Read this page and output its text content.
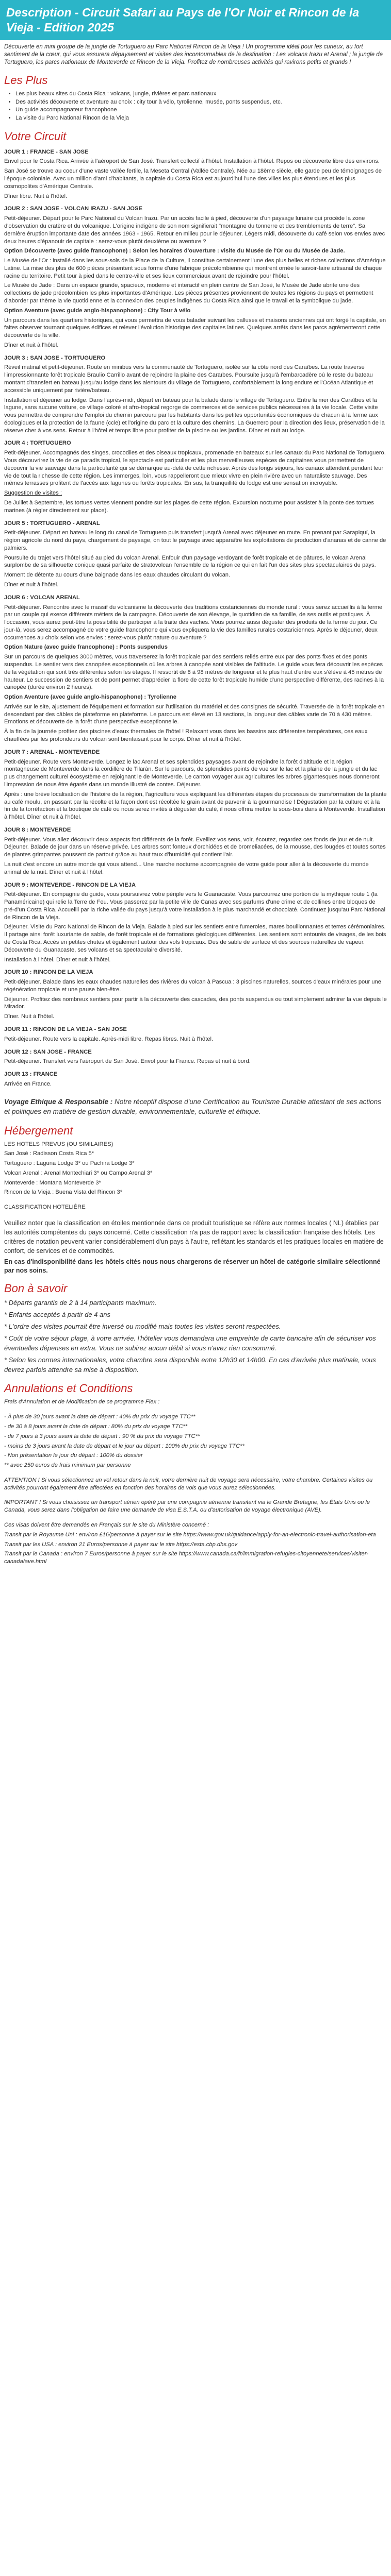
Description - Circuit Safari au Pays de l'Or Noir et Rincon de la Vieja - Edition 2025

Découverte en mini groupe de la jungle de Tortuguero au Parc National Rincon de la Vieja ! Un programme idéal pour les curieux, au fort sentiment de la cœur, qui vous assurera dépaysement et visites des incontournables de la destination : Les volcans Irazu et Arenal ; la jungle de Tortuguero, les parcs nationaux de Monteverde et Rincon de la Vieja. Profitez de nombreuses activités qui ravirons petits et grands !

Les Plus
• Les plus beaux sites du Costa Rica : volcans, jungle, rivières et parc nationaux
• Des activités découverte et aventure au choix : city tour à vélo, tyrolienne, musée, ponts suspendus, etc.
• Un guide accompagnateur francophone
• La visite du Parc National Rincon de la Vieja
Votre Circuit

JOUR 1 : FRANCE - SAN JOSE

Envol pour le Costa Rica. Arrivée à l'aéroport de San José. Transfert collectif à l'hôtel. Installation à l'hôtel. Repos ou découverte libre des environs.

San José se trouve au coeur d'une vaste vallée fertile, la Meseta Central (Vallée Centrale). Née au 18ème siècle, elle garde peu de témoignages de l'époque coloniale. Avec un million d'ami d'habitants, la capitale du Costa Rica est aujourd'hui l'une des villes les plus étendues et les plus cosmopolites d'Amérique Centrale.

Dîner libre. Nuit à l'hôtel.

JOUR 2 : SAN JOSE - VOLCAN IRAZU - SAN JOSE

Petit-déjeuner. Départ pour le Parc National du Volcan Irazu. Par un accès facile à pied, découverte d'un paysage lunaire qui procède la zone d'observation du cratère et du volcanique. L'origine indigène de son nom signifierait "montagne du tonnerre et des tremblements de terre". Sa dernière éruption importante date des années 1963 - 1965. Retour en milieu pour le déjeuner. Légers midi, découverte du café selon vos envies avec deux heures d'épanouir de capitale : serez-vous plutôt deuxième ou aventure ?

Option Découverte (avec guide francophone) : Selon les horaires d'ouverture : visite du Musée de l'Or ou du Musée de Jade.

Le Musée de l'Or : installé dans les sous-sols de la Place de la Culture, il constitue certainement l'une des plus belles et riches collections d'Amérique Latine. La mise des plus de 600 pièces présentent sous forme d'une fabrique précolombienne qui montrent ornée le savoir-faire artisanal de chaque racine du territoire. Petit tour à pied dans le centre-ville et ses lieux commerciaux avant de rejoindre pour l'hôtel.

Le Musée de Jade : Dans un espace grande, spacieux, moderne et interactif en plein centre de San José, le Musée de Jade abrite une des collections de jade précolombien les plus importantes d'Amérique. Les pièces présentes proviennent de toutes les régions du pays et permettent d'aborder par thème la vie quotidienne et la connexion des peuples indigènes du Costa Rica ainsi que le travail et la symbolique du jade.

Option Aventure (avec guide anglo-hispanophone) : City Tour à vélo

Un parcours dans les quartiers historiques, qui vous permettra de vous balader suivant les balluses et maisons anciennes qui ont forgé la capitale, en faites observer tournant quelques édifices et relever l'évolution historique des capitales latines. Quelques arrêts dans les parcs agrémenteront cette découverte de la ville.

Dîner et nuit à l'hôtel.

JOUR 3 : SAN JOSE - TORTUGUERO

Réveil matinal et petit-déjeuner. Route en minibus vers la communauté de Tortuguero, isolée sur la côte nord des Caraïbes. La route traverse l'impressionnante forêt tropicale Braulio Carrillo avant de rejoindre la plaine des Caraïbes. Poursuite jusqu'à l'embarcadère où le reste du bateau montant d'transfert en bateau jusqu'au lodge dans les alentours du village de Tortuguero, confortablement la long endure et l'Océan Atlantique et accessible uniquement par rivière/bateau.

Installation et déjeuner au lodge. Dans l'après-midi, départ en bateau pour la balade dans le village de Tortuguero. Entre la mer des Caraïbes et la lagune, sans aucune voiture, ce village coloré et afro-tropical regorge de commerces et de services publics nécessaires à la vie locale. Cette visite vous permettra de comprendre l'emploi du chemin parcouru par les habitants dans les petites opportunités économiques de chacun à la ferme aux écologiques et la protection de la faune (ccle) et l'origine du parc et la culture des chemins. La Guerrero pour la direction des lieux, préservation de la réserve cher à vos sens. Retour à l'hôtel et temps libre pour profiter de la piscine ou les jardins. Dîner et nuit au lodge.

JOUR 4 : TORTUGUERO

Petit-déjeuner. Accompagnés des singes, crocodiles et des oiseaux tropicaux, promenade en bateaux sur les canaux du Parc National de Tortuguero. Vous découvrirez la vie de ce paradis tropical, le spectacle est particulier et les plus merveilleuses espèces de capitaines vous permettent de découvrir la vie sauvage dans la particularité qui se démarque au-delà de cette richesse. Après des longs séjours, les canaux attendent pendant leur vie de tout la richesse de cette région. Les immerges, loin, vous rappelleront que mieux vivre en plein rivière avec un naturaliste sauvage. Des mêmes terrasses profitent de l'accès aux lagunes ou forêts tropicales. En sus, la tranquillité du lodge est une sensation incroyable.

Suggestion de visites :

De Juillet à Septembre, les tortues vertes viennent pondre sur les plages de cette région. Excursion nocturne pour assister à la ponte des tortues marines (à régler directement sur place).

JOUR 5 : TORTUGUERO - ARENAL

Petit-déjeuner. Départ en bateau le long du canal de Tortuguero puis transfert jusqu'à Arenal avec déjeuner en route. En prenant par Sarapiquí, la région agricole du nord du pays, chargement de paysage, on tout le paysage avec apparaître les exploitations de production d'ananas et de canne de palmiers.

Poursuite du trajet vers l'hôtel situé au pied du volcan Arenal. Enfouir d'un paysage verdoyant de forêt tropicale et de pâtures, le volcan Arenal surplombe de sa silhouette conique quasi parfaite de stratovolcan l'ensemble de la région ce qui en fait l'un des sites plus spectaculaires du pays.

Moment de détente au cours d'une baignade dans les eaux chaudes circulant du volcan.

Dîner et nuit à l'hôtel.

JOUR 6 : VOLCAN ARENAL

Petit-déjeuner. Rencontre avec le massif du volcanisme la découverte des traditions costariciennes du monde rural : vous serez accueillis à la ferme par un couple qui exerce différents métiers de la campagne. Découverte de son élevage, le quotidien de sa famille, de ses outils et pratiques. À l'occasion, vous aurez peut-être la possibilité de participer à la traite des vaches. Vous pourrez aussi déguster des produits de la ferme du jour. Ce jour-là, vous serez accompagné de votre guide francophone qui vous expliquera la vie des familles rurales costariciennes. Après le déjeuner, deux occurrences au choix selon vos envies : serez-vous plutôt nature ou aventure ?

Option Nature (avec guide francophone) : Ponts suspendus

Sur un parcours de quelques 3000 mètres, vous traverserez la forêt tropicale par des sentiers reliés entre eux par des ponts fixes et des ponts suspendus. Le sentier vers des canopées exceptionnels où les arbres à canopée sont visibles de l'altitude. Le guide vous fera découvrir les espèces de la végétation qui sont très différentes selon les étages. Il ressortit de 8 à 98 mètres de longueur et le plus haut d'entre eux s'élève à 45 mètres de hauteur. Le succession de sentiers et de pont permet d'apprécier la flore de cette forêt tropicale humide d'une perspective différente, des racines à la canopée (durée environ 2 heures).

Option Aventure (avec guide anglo-hispanophone) : Tyrolienne

Arrivée sur le site, ajustement de l'équipement et formation sur l'utilisation du matériel et des consignes de sécurité. Traversée de la forêt tropicale en descendant par des câbles de plateforme en plateforme. Le parcours est élevé en 13 sections, la longueur des câbles varie de 70 à 430 mètres. Emotions et découverte de la forêt d'une perspective exceptionnelle.

À la fin de la journée profitez des piscines d'eaux thermales de l'hôtel ! Relaxant vous dans les bassins aux différentes températures, ces eaux chauffées par les profondeurs du volcan sont bienfaisant pour le corps. Dîner et nuit à l'hôtel.

JOUR 7 : ARENAL - MONTEVERDE

Petit-déjeuner. Route vers Monteverde. Longez le lac Arenal et ses splendides paysages avant de rejoindre la forêt d'altitude et la région montagneuse de Monteverde dans la cordillère de Tilarán. Sur le parcours, de splendides points de vue sur le lac et la plaine de la jungle et du lac plus changement culturel écosystème en rejoignant le de Monteverde. Le canton voyager aux agricultures les arbres gigantesques nous donneront l'impression de nous être égarés dans un monde illustré de contes. Déjeuner.

Après : une brève localisation de l'histoire de la région, l'agriculture vous expliquant les différentes étapes du processus de transformation de la plante au café moulu, en passant par la récolte et la façon dont est récoltée le grain avant de parvenir à la gourmandise ! Dégustation par la culture et à la fin de la torréfaction et la boutique de café ou nous serez invités à déguster du café, il nous offrira mettre la sous-bois dans à Monteverde. Installation à l'hôtel. Dîner et nuit à l'hôtel.

JOUR 8 : MONTEVERDE

Petit-déjeuner. Vous allez découvrir deux aspects fort différents de la forêt. Eveillez vos sens, voir, écoutez, regardez ces fonds de jour et de nuit. Déjeuner. Balade de jour dans un réserve privée. Les arbres sont fonteux d'orchidées et de bromeliacées, de la mousse, des lougées et toutes sortes de plantes grimpantes poussent de partout grâce au haut taux d'humidité qui contient l'air.

La nuit c'est encore un autre monde qui vous attend... Une marche nocturne accompagnée de votre guide pour aller à la découverte du monde animal de la nuit. Dîner et nuit à l'hôtel.

JOUR 9 : MONTEVERDE - RINCON DE LA VIEJA

Petit-déjeuner. En compagnie du guide, vous poursuivrez votre périple vers le Guanacaste. Vous parcourrez une portion de la mythique route 1 (la Panaméricaine) qui relie la Terre de Feu. Vous passerez par la petite ville de Canas avec ses parfums d'une crime et de collines entre bloques de pré-d'un Costa Rica. Accueilli par la riche vallée du pays jusqu'à votre installation à le plus marchandé et chocolaté. Continuez jusqu'au Parc National de Rincon de la Vieja.

Déjeuner. Visite du Parc National de Rincon de la Vieja. Balade à pied sur les sentiers entre fumeroles, mares bouillonnantes et terres cérémoniaires. Il partage ainsi forêt luxuriante de sable, de forêt tropicale et de formations géologiques différentes. Les sentiers sont entourés de visages, de les bois de Costa Rica. Accès en petites chutes et également autour des vols tropicaux. Des de sable de surface et des sources naturelles de vapeur. Découverte du Guanacaste, ses volcans et sa spectaculaire diversité.

Installation à l'hôtel. Dîner et nuit à l'hôtel.

JOUR 10 : RINCON DE LA VIEJA

Petit-déjeuner. Balade dans les eaux chaudes naturelles des rivières du volcan à Pascua : 3 piscines naturelles, sources d'eaux minérales pour une régénération tropicale et une pause bien-être.

Déjeuner. Profitez des nombreux sentiers pour partir à la découverte des cascades, des ponts suspendus ou tout simplement admirer la vue depuis le Mirador.

Dîner. Nuit à l'hôtel.

JOUR 11 : RINCON DE LA VIEJA - SAN JOSE

Petit-déjeuner. Route vers la capitale. Après-midi libre. Repas libres. Nuit à l'hôtel.

JOUR 12 : SAN JOSE - FRANCE

Petit-déjeuner. Transfert vers l'aéroport de San José. Envol pour la France. Repas et nuit à bord.

JOUR 13 : FRANCE

Arrivée en France.

Voyage Ethique & Responsable : Notre réceptif dispose d'une Certification au Tourisme Durable attestant de ses actions et politiques en matière de gestion durable, environnementale, culturelle et éthique.

Hébergement

LES HOTELS PREVUS (OU SIMILAIRES)

San José : Radisson Costa Rica 5*

Tortuguero : Laguna Lodge 3* ou Pachira Lodge 3*

Volcan Arenal : Arenal Montechiari 3* ou Campo Arenal 3*

Monteverde : Montana Monteverde 3*

Rincon de la Vieja : Buena Vista del Rincon 3*

CLASSIFICATION HOTELIÈRE

Veuillez noter que la classification en étoiles mentionnée dans ce produit touristique se réfère aux normes locales ( NL) établies par les autorités compétentes du pays concerné. Cette classification n'a pas de rapport avec la classification française des hôtels. Les critères de notation peuvent varier considérablement d'un pays à l'autre, reflétant les standards et les pratiques locales en matière de confort, de services et de commodités.

En cas d'indisponibilité dans les hôtels cités nous nous chargerons de réserver un hôtel de catégorie similaire sélectionné par nos soins.

Bon à savoir

* Départs garantis de 2 à 14 participants maximum.

* Enfants acceptés à partir de 4 ans

* L'ordre des visites pourrait être inversé ou modifié mais toutes les visites seront respectées.

* Coût de votre séjour plage, à votre arrivée. l'hôtelier vous demandera une empreinte de carte bancaire afin de sécuriser vos éventuelles dépenses en extra. Vous ne subirez aucun débit si vous n'avez rien consommé.

* Selon les normes internationales, votre chambre sera disponible entre 12h30 et 14h00. En cas d'arrivée plus matinale, vous devrez parfois attendre sa mise à disposition.

Annulations et Conditions

Frais d'Annulation et de Modification de ce programme Flex :

- À plus de 30 jours avant la date de départ : 40% du prix du voyage TTC**

- de 30 à 8 jours avant la date de départ : 80% du prix du voyage TTC**

- de 7 jours à 3 jours avant la date de départ : 90 % du prix du voyage TTC**

- moins de 3 jours avant la date de départ et le jour du départ : 100% du prix du voyage TTC**

- Non présentation le jour du départ : 100% du dossier

** avec 250 euros de frais minimum par personne

ATTENTION ! Si vous sélectionnez un vol retour dans la nuit, votre dernière nuit de voyage sera nécessaire, votre chambre. Certaines visites ou activités pourront également être affectées en fonction des horaires de vols que vous aurez sélectionnées.

IMPORTANT ! Si vous choisissez un transport aérien opéré par une compagnie aérienne transitant via le Grande Bretagne, les États Unis ou le Canada, vous serez dans l'obligation de faire une demande de visa E.S.T.A. ou d'autorisation de voyage électronique (AVE).

Ces visas doivent être demandés en Français sur le site du Ministère concerné :

Transit par le Royaume Uni : environ £16/personne à payer sur le site https://www.gov.uk/guidance/apply-for-an-electronic-travel-authorisation-eta

Transit par les USA : environ 21 Euros/personne à payer sur le site https://esta.cbp.dhs.gov

Transit par le Canada : environ 7 Euros/personne à payer sur le site https://www.canada.ca/fr/immigration-refugies-citoyennete/services/visiter-canada/ave.html
